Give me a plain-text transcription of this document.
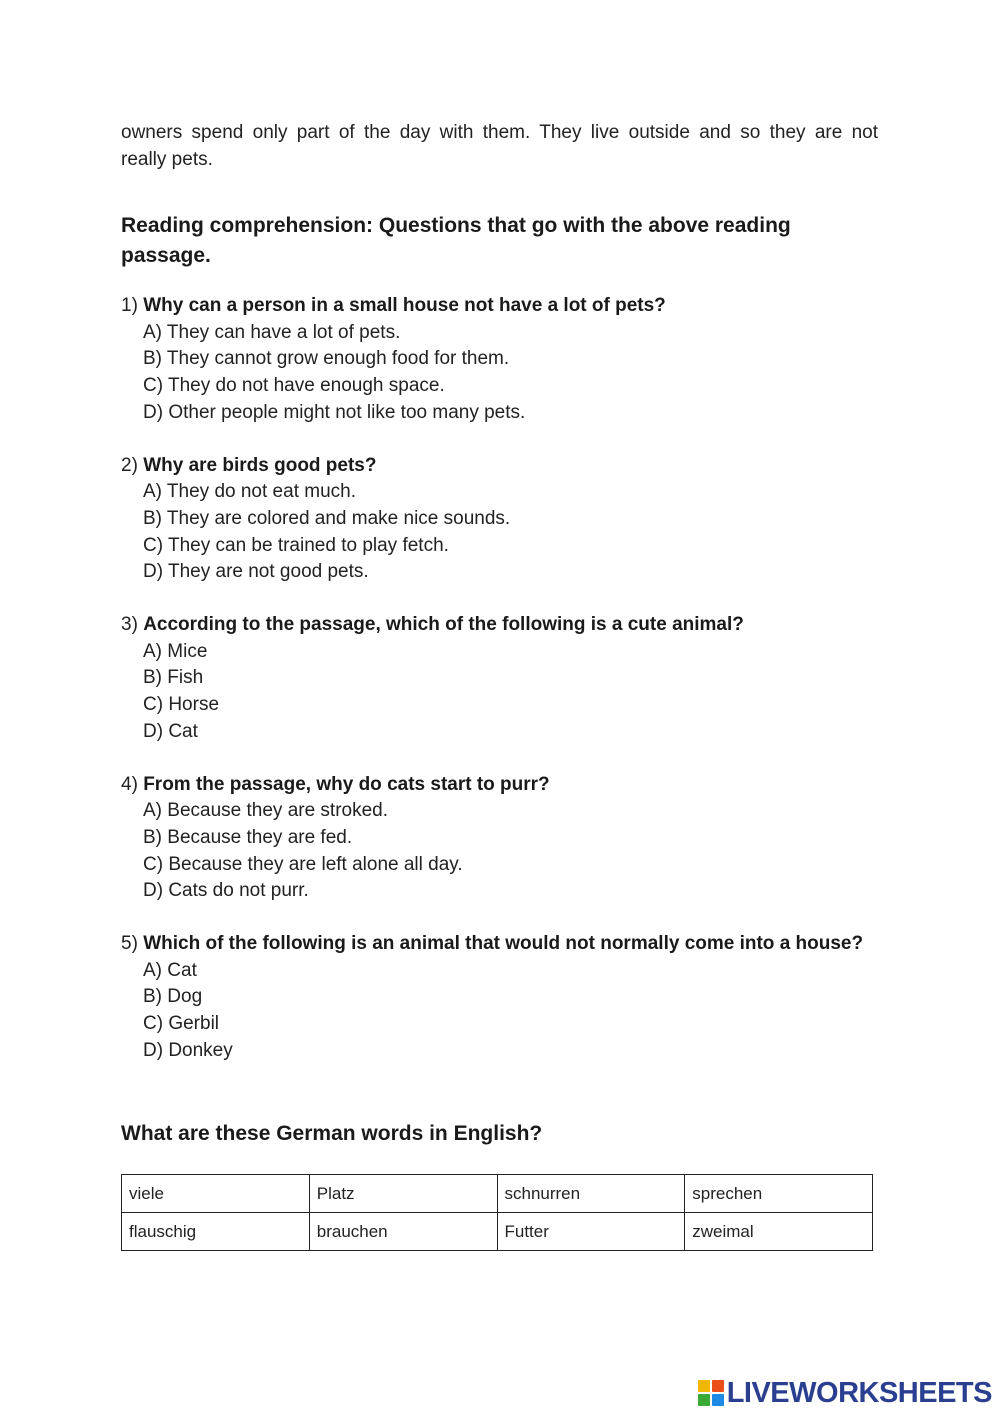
owners spend only part of the day with them. They live outside and so they are not
really pets.

Reading comprehension: Questions that go with the above reading passage.

1) Why can a person in a small house not have a lot of pets?

A) They can have a lot of pets.

B) They cannot grow enough food for them.

C) They do not have enough space.

D) Other people might not like too many pets.

2) Why are birds good pets?

A) They do not eat much.

B) They are colored and make nice sounds.

C) They can be trained to play fetch.

D) They are not good pets.

3) According to the passage, which of the following is a cute animal?

A) Mice

B) Fish

C) Horse

D) Cat

4) From the passage, why do cats start to purr?

A) Because they are stroked.

B) Because they are fed.

C) Because they are left alone all day.

D) Cats do not purr.

5) Which of the following is an animal that would not normally come into a house?

A) Cat

B) Dog

C) Gerbil

D) Donkey

What are these German words in English?
viele	Platz	schnurren	sprechen
flauschig	brauchen	Futter	zweimal
LIVEWORKSHEETS
